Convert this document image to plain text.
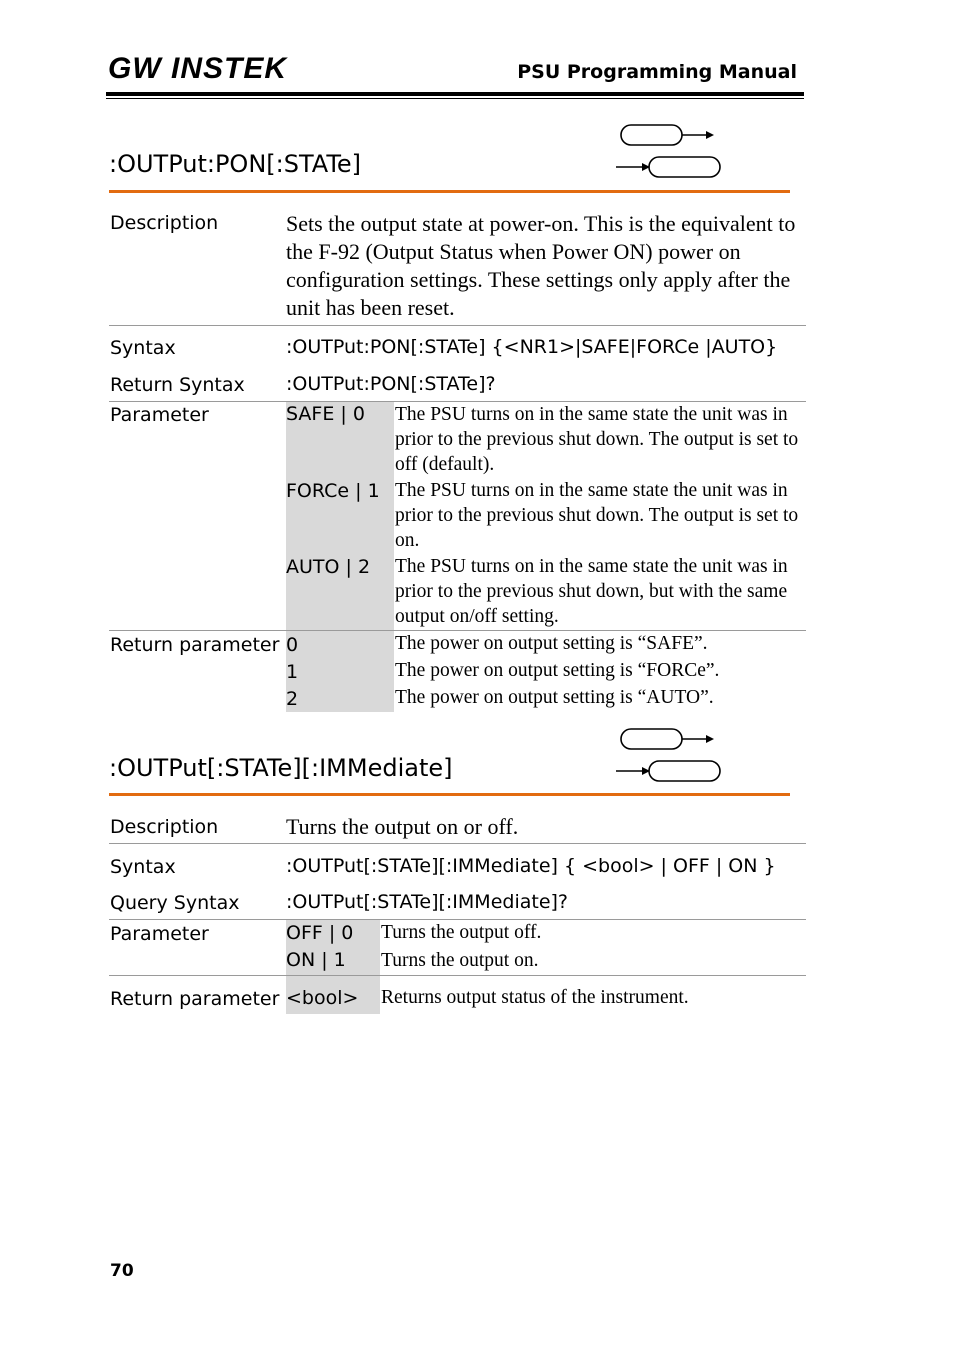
GW INSTEK	PSU Programming Manual
:OUTPut:PON[:STATe]
Description	Sets the output state at power-on. This is the equivalent to the F-92 (Output Status when Power ON) power on configuration settings. These settings only apply after the unit has been reset.
Syntax	:OUTPut:PON[:STATe] {<NR1>|SAFE|FORCe |AUTO}
Return Syntax :OUTPut:PON[:STATe]?
Parameter	SAFE | 0 The PSU turns on in the same state the unit was in prior to the previous shut down. The output is set to off (default).
FORCe | 1 The PSU turns on in the same state the unit was in prior to the previous shut down. The output is set to on.
AUTO | 2 The PSU turns on in the same state the unit was in prior to the previous shut down, but with the same output on/off setting.
Return parameter 0	The power on output setting is “SAFE”.
1	The power on output setting is “FORCe”.
2	The power on output setting is “AUTO”.
:OUTPut[:STATe][:IMMediate]
Description	Turns the output on or off.
Syntax	:OUTPut[:STATe][:IMMediate] { <bool> | OFF | ON }
Query Syntax :OUTPut[:STATe][:IMMediate]?
Parameter	OFF | 0 Turns the output off.
ON | 1 Turns the output on.
Return parameter <bool> Returns output status of the instrument.
70
